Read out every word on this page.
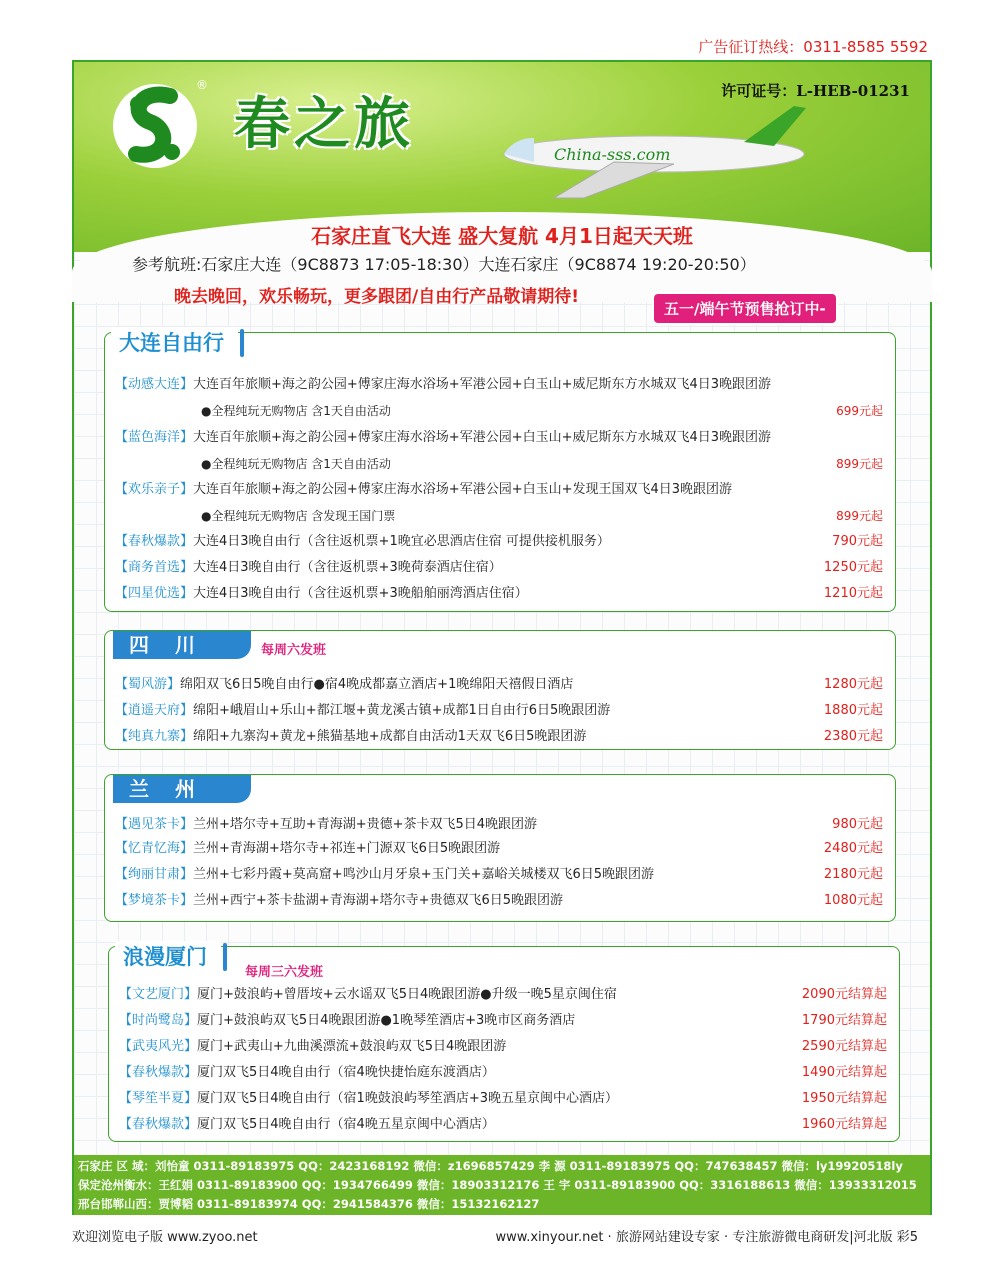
广告征订热线：0311-8585 5592
®
春之旅	China-sss.com
许可证号：L-HEB-01231
石家庄直飞大连 盛大复航 4月1日起天天班
参考航班:石家庄大连（9C8873 17:05-18:30）大连石家庄（9C8874 19:20-20:50）
晚去晚回，欢乐畅玩，更多跟团/自由行产品敬请期待!
五一/端午节预售抢订中-
大连自由行
【动感大连】大连百年旅顺+海之韵公园+傅家庄海水浴场+军港公园+白玉山+威尼斯东方水城双飞4日3晚跟团游
●全程纯玩无购物店 含1天自由活动	699元起
【蓝色海洋】大连百年旅顺+海之韵公园+傅家庄海水浴场+军港公园+白玉山+威尼斯东方水城双飞4日3晚跟团游
●全程纯玩无购物店 含1天自由活动	899元起
【欢乐亲子】大连百年旅顺+海之韵公园+傅家庄海水浴场+军港公园+白玉山+发现王国双飞4日3晚跟团游
●全程纯玩无购物店 含发现王国门票	899元起
【春秋爆款】大连4日3晚自由行（含往返机票+1晚宜必思酒店住宿 可提供接机服务）	790元起
【商务首选】大连4日3晚自由行（含往返机票+3晚荷泰酒店住宿）	1250元起
【四星优选】大连4日3晚自由行（含往返机票+3晚船舶丽湾酒店住宿）	1210元起
四川	每周六发班
【蜀风游】绵阳双飞6日5晚自由行●宿4晚成都嘉立酒店+1晚绵阳天禧假日酒店	1280元起
【逍遥天府】绵阳+峨眉山+乐山+都江堰+黄龙溪古镇+成都1日自由行6日5晚跟团游	1880元起
【纯真九寨】绵阳+九寨沟+黄龙+熊猫基地+成都自由活动1天双飞6日5晚跟团游	2380元起
兰州
【遇见茶卡】兰州+塔尔寺+互助+青海湖+贵德+茶卡双飞5日4晚跟团游	980元起
【忆青忆海】兰州+青海湖+塔尔寺+祁连+门源双飞6日5晚跟团游	2480元起
【绚丽甘肃】兰州+七彩丹霞+莫高窟+鸣沙山月牙泉+玉门关+嘉峪关城楼双飞6日5晚跟团游	2180元起
【梦境茶卡】兰州+西宁+茶卡盐湖+青海湖+塔尔寺+贵德双飞6日5晚跟团游	1080元起
浪漫厦门
每周三六发班
【文艺厦门】厦门+鼓浪屿+曾厝垵+云水谣双飞5日4晚跟团游●升级一晚5星京闽住宿	2090元结算起
【时尚鹭岛】厦门+鼓浪屿双飞5日4晚跟团游●1晚琴笙酒店+3晚市区商务酒店	1790元结算起
【武夷风光】厦门+武夷山+九曲溪漂流+鼓浪屿双飞5日4晚跟团游	2590元结算起
【春秋爆款】厦门双飞5日4晚自由行（宿4晚快捷怡庭东渡酒店）	1490元结算起
【琴笙半夏】厦门双飞5日4晚自由行（宿1晚鼓浪屿琴笙酒店+3晚五星京闽中心酒店）	1950元结算起
【春秋爆款】厦门双飞5日4晚自由行（宿4晚五星京闽中心酒店）	1960元结算起
石家庄 区 域：刘怡童 0311-89183975 QQ：2423168192 微信：z1696857429 李 源 0311-89183975 QQ：747638457 微信：ly19920518ly
保定沧州衡水：王红娟 0311-89183900 QQ：1934766499 微信：18903312176 王 宇 0311-89183900 QQ：3316188613 微信：13933312015
邢台邯郸山西：贾博韬 0311-89183974 QQ：2941584376 微信：15132162127
欢迎浏览电子版 www.zyoo.net	www.xinyour.net · 旅游网站建设专家 · 专注旅游微电商研发|河北版 彩5
